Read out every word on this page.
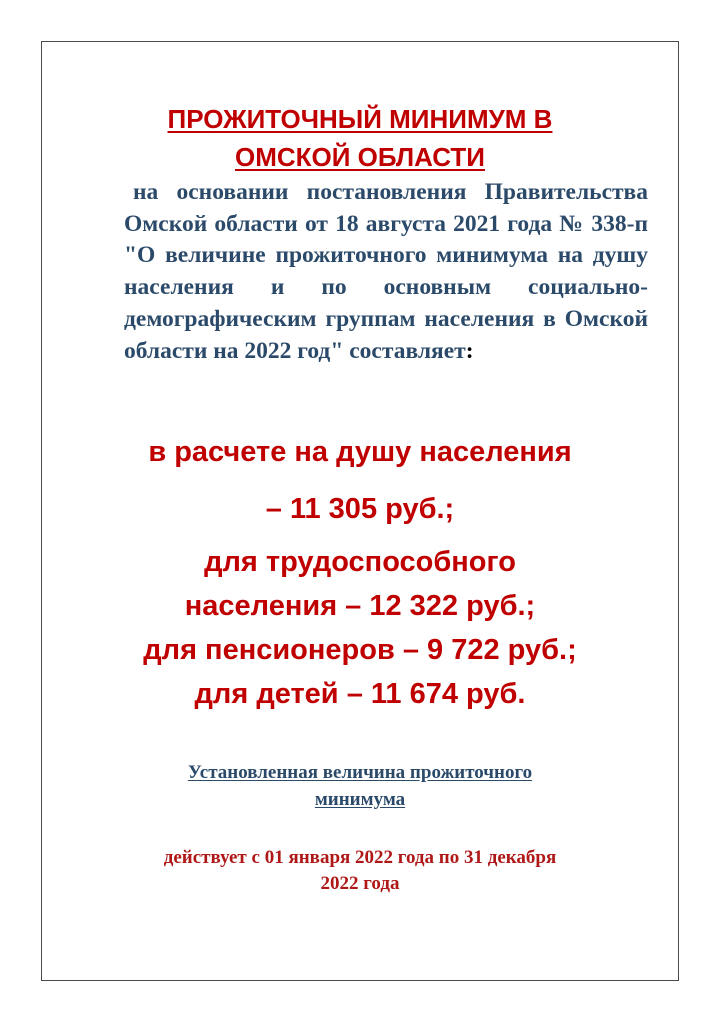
ПРОЖИТОЧНЫЙ МИНИМУМ В
ОМСКОЙ ОБЛАСТИ
на основании постановления Правительства Омской области от 18 августа 2021 года № 338-п "О величине прожиточного минимума на душу населения и по основным социально-демографическим группам населения в Омской области на 2022 год" составляет:
в расчете на душу населения
– 11 305 руб.;
для трудоспособного
населения – 12 322 руб.;
для пенсионеров – 9 722 руб.;
для детей – 11 674 руб.
Установленная величина прожиточного
минимума
действует с 01 января 2022 года по 31 декабря
2022 года
